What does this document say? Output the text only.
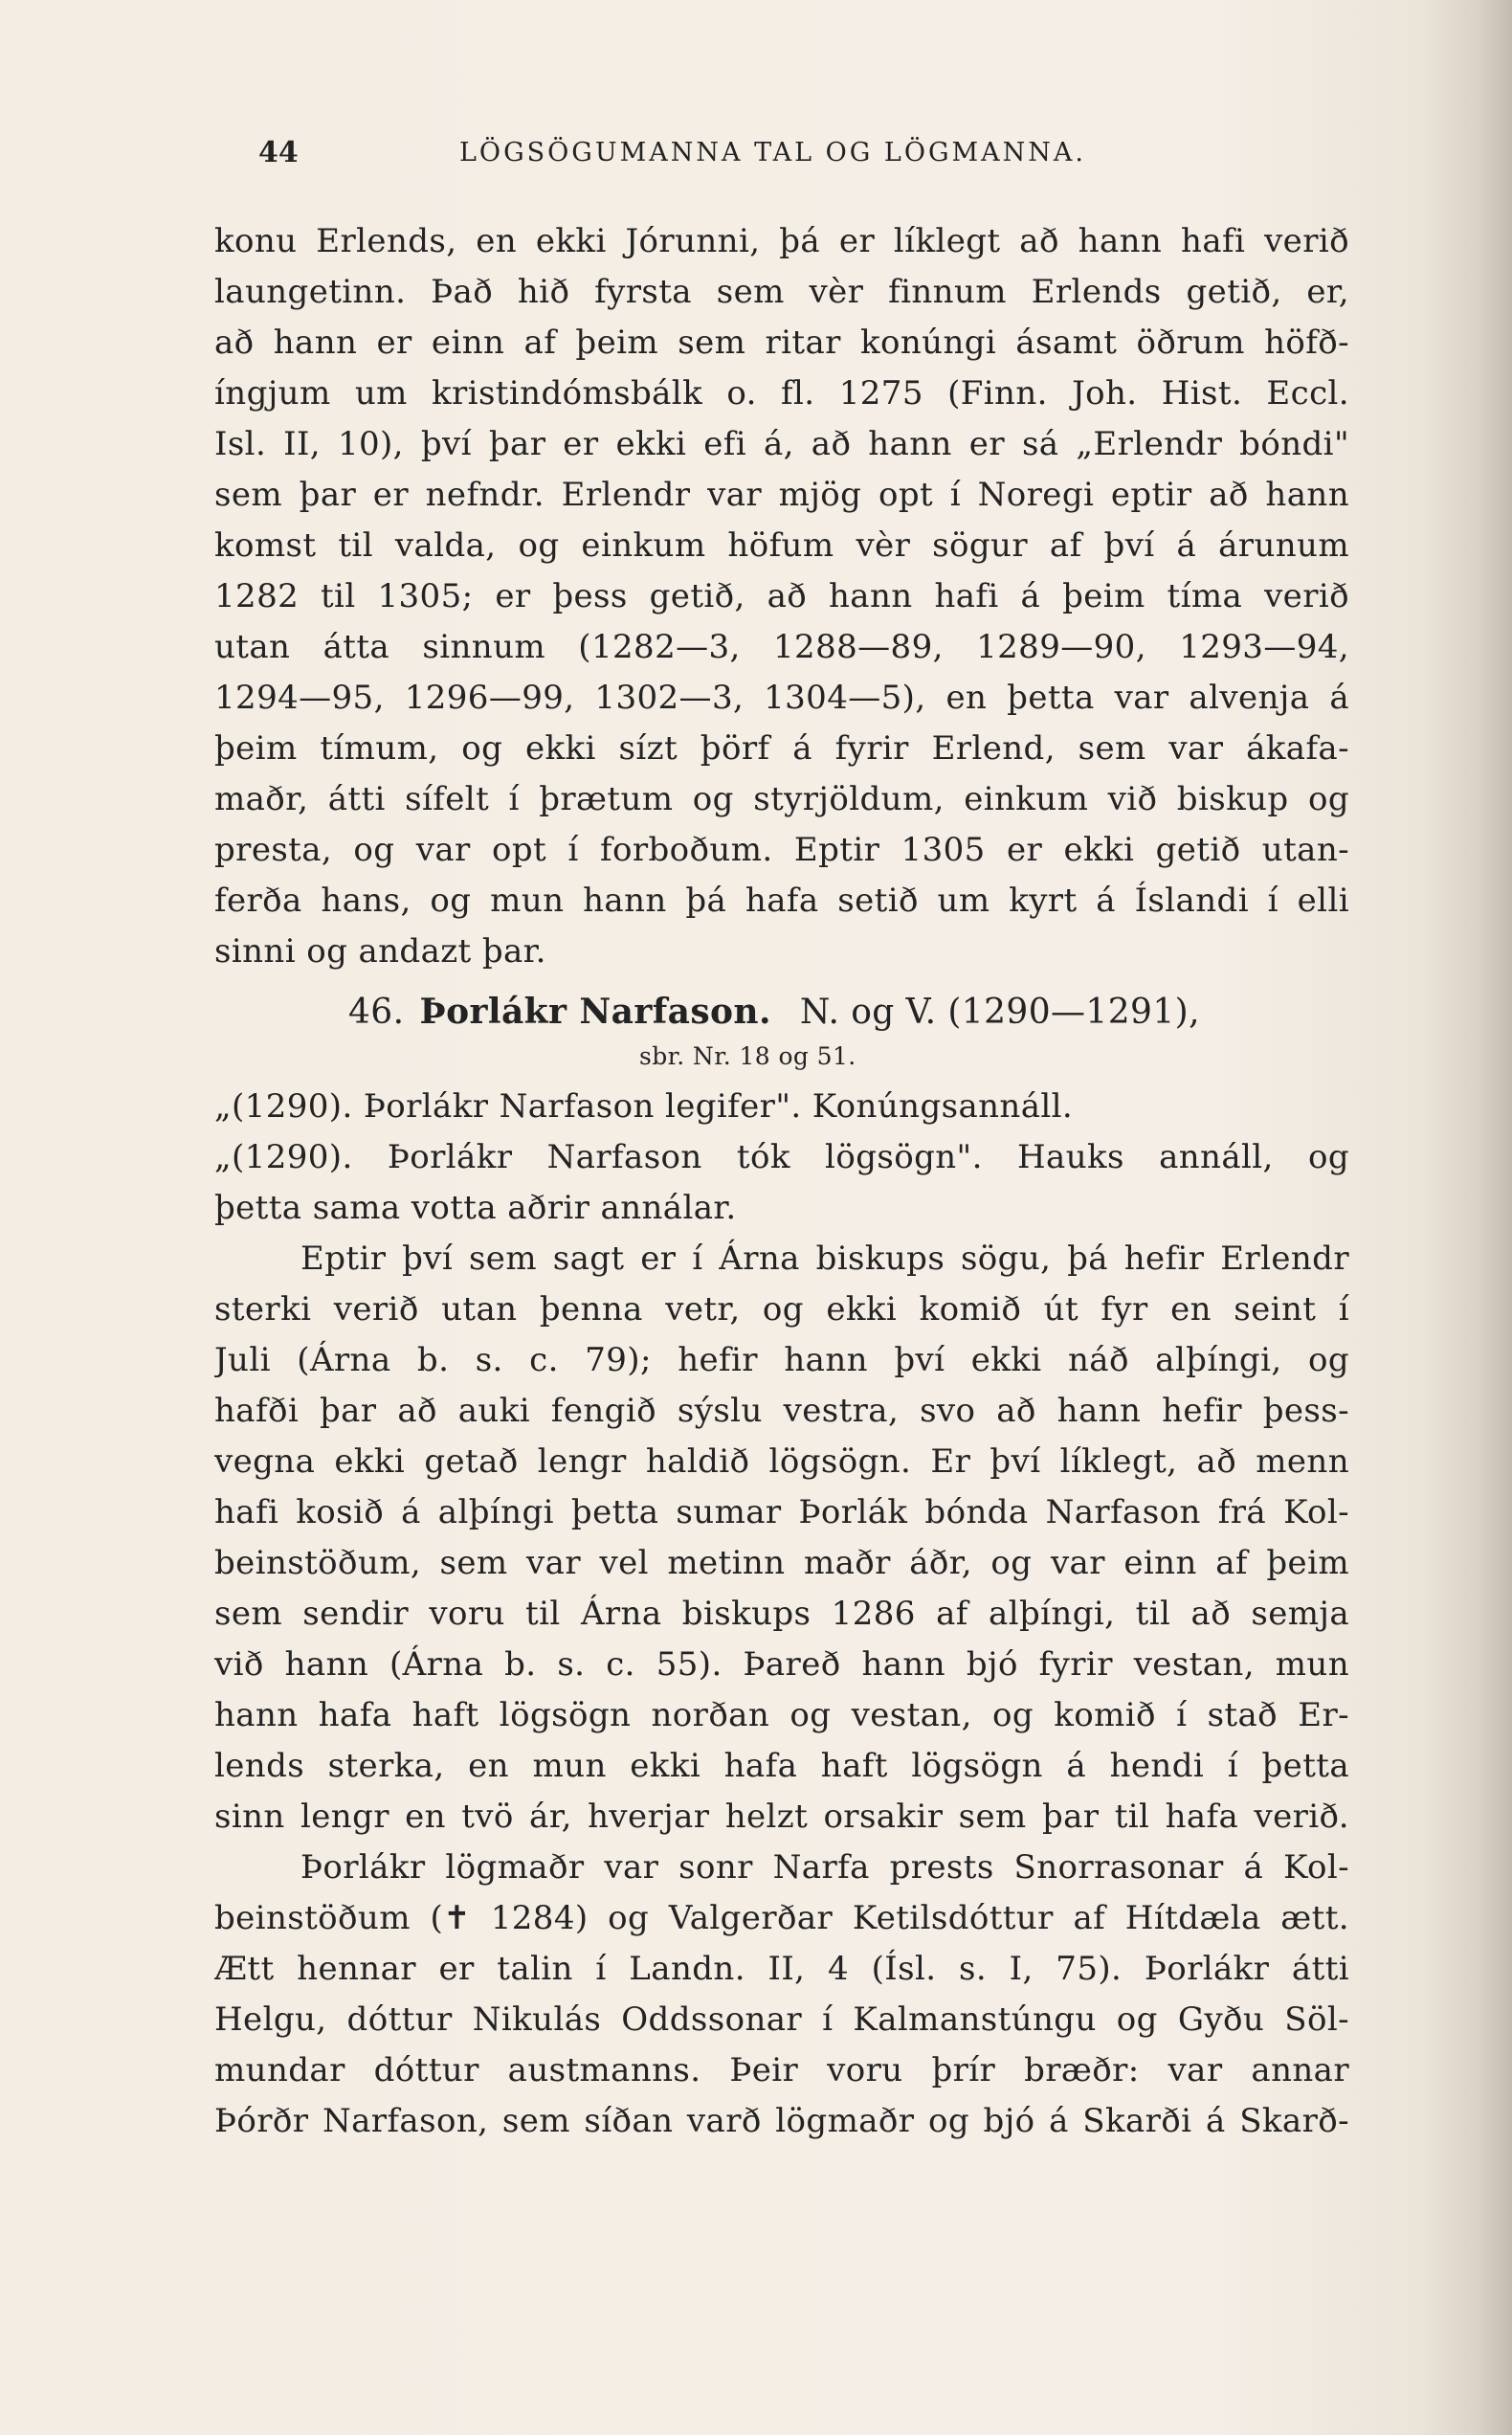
44	LÖGSÖGUMANNA TAL OG LÖGMANNA.
konu Erlends, en ekki Jórunni, þá er líklegt að hann hafi verið
laungetinn. Það hið fyrsta sem vèr finnum Erlends getið, er,
að hann er einn af þeim sem ritar konúngi ásamt öðrum höfð-
íngjum um kristindómsbálk o. fl. 1275 (Finn. Joh. Hist. Eccl.
Isl. II, 10), því þar er ekki efi á, að hann er sá „Erlendr bóndi"
sem þar er nefndr. Erlendr var mjög opt í Noregi eptir að hann
komst til valda, og einkum höfum vèr sögur af því á árunum
1282 til 1305; er þess getið, að hann hafi á þeim tíma verið
utan átta sinnum (1282—3, 1288—89, 1289—90, 1293—94,
1294—95, 1296—99, 1302—3, 1304—5), en þetta var alvenja á
þeim tímum, og ekki sízt þörf á fyrir Erlend, sem var ákafa-
maðr, átti sífelt í þrætum og styrjöldum, einkum við biskup og
presta, og var opt í forboðum. Eptir 1305 er ekki getið utan-
ferða hans, og mun hann þá hafa setið um kyrt á Íslandi í elli
sinni og andazt þar.
46. Þorlákr Narfason. N. og V. (1290—1291),
sbr. Nr. 18 og 51.
„(1290). Þorlákr Narfason legifer". Konúngsannáll.
„(1290). Þorlákr Narfason tók lögsögn". Hauks annáll, og
þetta sama votta aðrir annálar.
Eptir því sem sagt er í Árna biskups sögu, þá hefir Erlendr
sterki verið utan þenna vetr, og ekki komið út fyr en seint í
Juli (Árna b. s. c. 79); hefir hann því ekki náð alþíngi, og
hafði þar að auki fengið sýslu vestra, svo að hann hefir þess-
vegna ekki getað lengr haldið lögsögn. Er því líklegt, að menn
hafi kosið á alþíngi þetta sumar Þorlák bónda Narfason frá Kol-
beinstöðum, sem var vel metinn maðr áðr, og var einn af þeim
sem sendir voru til Árna biskups 1286 af alþíngi, til að semja
við hann (Árna b. s. c. 55). Þareð hann bjó fyrir vestan, mun
hann hafa haft lögsögn norðan og vestan, og komið í stað Er-
lends sterka, en mun ekki hafa haft lögsögn á hendi í þetta
sinn lengr en tvö ár, hverjar helzt orsakir sem þar til hafa verið.
Þorlákr lögmaðr var sonr Narfa prests Snorrasonar á Kol-
beinstöðum (✝ 1284) og Valgerðar Ketilsdóttur af Hítdæla ætt.
Ætt hennar er talin í Landn. II, 4 (Ísl. s. I, 75). Þorlákr átti
Helgu, dóttur Nikulás Oddssonar í Kalmanstúngu og Gyðu Söl-
mundar dóttur austmanns. Þeir voru þrír bræðr: var annar
Þórðr Narfason, sem síðan varð lögmaðr og bjó á Skarði á Skarð-
